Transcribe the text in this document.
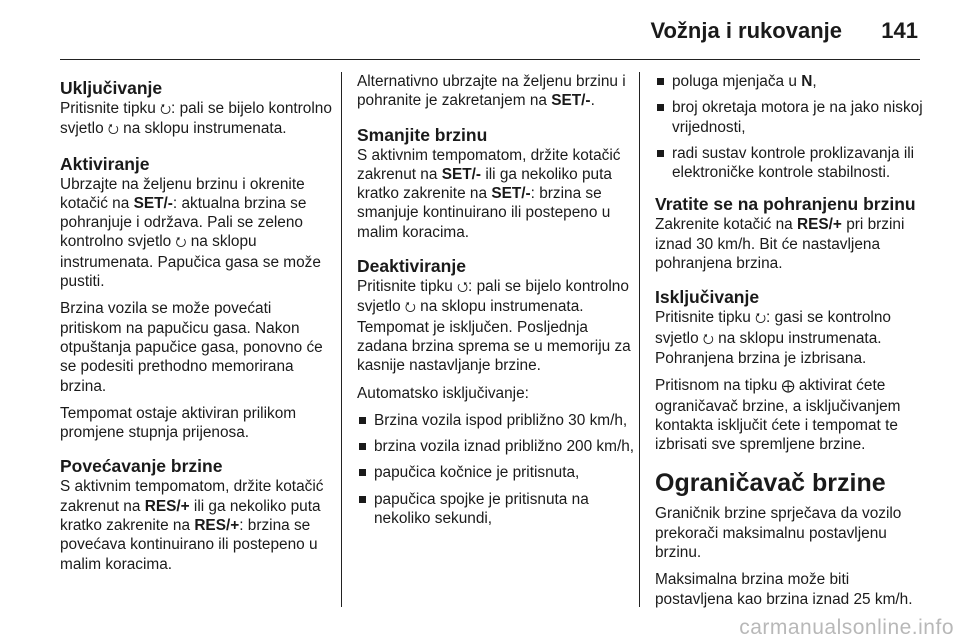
Vožnja i rukovanje 141
Uključivanje

Pritisnite tipku ⭮: pali se bijelo kontrolno svjetlo ⭮ na sklopu instrumenata.

Aktiviranje

Ubrzajte na željenu brzinu i okrenite kotačić na SET/-: aktualna brzina se pohranjuje i održava. Pali se zeleno kontrolno svjetlo ⭮ na sklopu instrumenata. Papučica gasa se može pustiti.

Brzina vozila se može povećati pritiskom na papučicu gasa. Nakon otpuštanja papučice gasa, ponovno će se podesiti prethodno memorirana brzina.

Tempomat ostaje aktiviran prilikom promjene stupnja prijenosa.

Povećavanje brzine

S aktivnim tempomatom, držite kotačić zakrenut na RES/+ ili ga nekoliko puta kratko zakrenite na RES/+: brzina se povećava kontinuirano ili postepeno u malim koracima.

Alternativno ubrzajte na željenu brzinu i pohranite je zakretanjem na SET/-.

Smanjite brzinu

S aktivnim tempomatom, držite kotačić zakrenut na SET/- ili ga nekoliko puta kratko zakrenite na SET/-: brzina se smanjuje kontinuirano ili postepeno u malim koracima.

Deaktiviranje

Pritisnite tipku ⭯: pali se bijelo kontrolno svjetlo ⭮ na sklopu instrumenata. Tempomat je isključen. Posljednja zadana brzina sprema se u memoriju za kasnije nastavljanje brzine.

Automatsko isključivanje:

Brzina vozila ispod približno 30 km/h,
brzina vozila iznad približno 200 km/h,
papučica kočnice je pritisnuta,
papučica spojke je pritisnuta na nekoliko sekundi,
poluga mjenjača u N,
broj okretaja motora je na jako niskoj vrijednosti,
radi sustav kontrole proklizavanja ili elektroničke kontrole stabilnosti.
Vratite se na pohranjenu brzinu

Zakrenite kotačić na RES/+ pri brzini iznad 30 km/h. Bit će nastavljena pohranjena brzina.

Isključivanje

Pritisnite tipku ⭮: gasi se kontrolno svjetlo ⭮ na sklopu instrumenata. Pohranjena brzina je izbrisana.

Pritisnom na tipku ⨁ aktivirat ćete ograničavač brzine, a isključivanjem kontakta isključit ćete i tempomat te izbrisati sve spremljene brzine.

Ograničavač brzine

Graničnik brzine sprječava da vozilo prekorači maksimalnu postavljenu brzinu.

Maksimalna brzina može biti postavljena kao brzina iznad 25 km/h.

carmanualsonline.info
